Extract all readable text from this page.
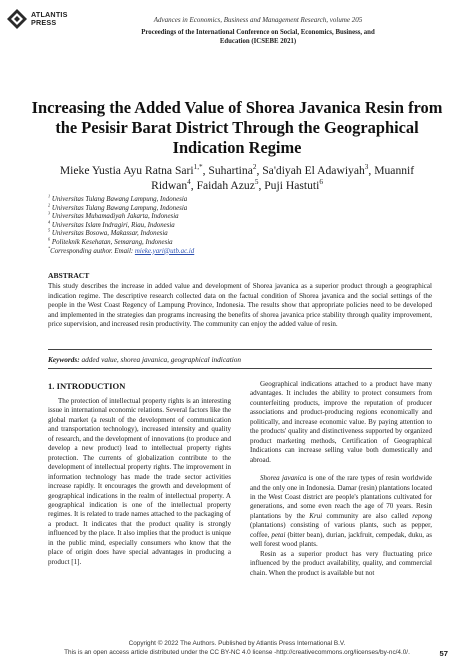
ATLANTIS
PRESS	Advances in Economics, Business and Management Research, volume 205
Proceedings of the International Conference on Social, Economics, Business, and
Education (ICSEBE 2021)
Increasing the Added Value of Shorea Javanica Resin from the Pesisir Barat District Through the Geographical Indication Regime
Mieke Yustia Ayu Ratna Sari$^{1,*}$, Suhartina$^2$, Sa'diyah El Adawiyah$^3$, Muannif Ridwan$^4$, Faidah Azuz$^5$, Puji Hastuti$^6$
$^1$ Universitas Tulang Bawang Lampung, Indonesia
$^2$ Universitas Tulang Bawang Lampung, Indonesia
$^3$ Universitas Muhamadiyah Jakarta, Indonesia
$^4$ Universitas Islam Indragiri, Riau, Indonesia
$^5$ Universitas Bosowa, Makassar, Indonesia
$^6$ Politeknik Kesehatan, Semarang, Indonesia
*Corresponding author. Email: mieke.yari@utb.ac.id
ABSTRACT
This study describes the increase in added value and development of Shorea javanica as a superior product through a geographical indication regime. The descriptive research collected data on the factual condition of Shorea javanica and the social settings of the people in the West Coast Regency of Lampung Province, Indonesia. The results show that appropriate policies need to be developed and implemented in the strategies dan programs increasing the benefits of shorea javanica price stability through quality improvement, price supervision, and increased resin productivity. The community can enjoy the added value of resin.
Keywords: added value, shorea javanica, geographical indication
1. INTRODUCTION

The protection of intellectual property rights is an interesting issue in international economic relations. Several factors like the global market (a result of the development of communication and transportation technology), increased intensity and quality of research, and the development of innovations (to produce and develop a new product) lead to intellectual property rights protection. The currents of globalization contribute to the development of intellectual property rights. The improvement in information technology has made the trade sector activities increase rapidly. It encourages the growth and development of geographical indications in the realm of intellectual property. A geographical indication is one of the intellectual property regimes. It is related to trade names attached to the packaging of a product. It indicates that the product quality is strongly influenced by the place. It also implies that the product is unique in the public mind, especially consumers who know that the place of origin does have special advantages in producing a product [1].

Geographical indications attached to a product have many advantages. It includes the ability to protect consumers from counterfeiting products, improve the reputation of producer associations and product-producing regions economically and politically, and increase economic value. By paying attention to the products' quality and distinctiveness supported by organized product marketing methods, Certification of Geographical Indications can increase selling value both domestically and abroad.

Shorea javanica is one of the rare types of resin worldwide and the only one in Indonesia. Damar (resin) plantations located in the West Coast district are people's plantations cultivated for generations, and some even reach the age of 70 years. Resin plantations by the Krui community are also called repong (plantations) consisting of various plants, such as pepper, coffee, petai (bitter bean), durian, jackfruit, cempedak, duku, as well forest wood plants.

Resin as a superior product has very fluctuating price influenced by the product availability, quality, and commercial chain. When the product is available but not

Copyright © 2022 The Authors. Published by Atlantis Press International B.V.
This is an open access article distributed under the CC BY-NC 4.0 license -http://creativecommons.org/licenses/by-nc/4.0/.	57
